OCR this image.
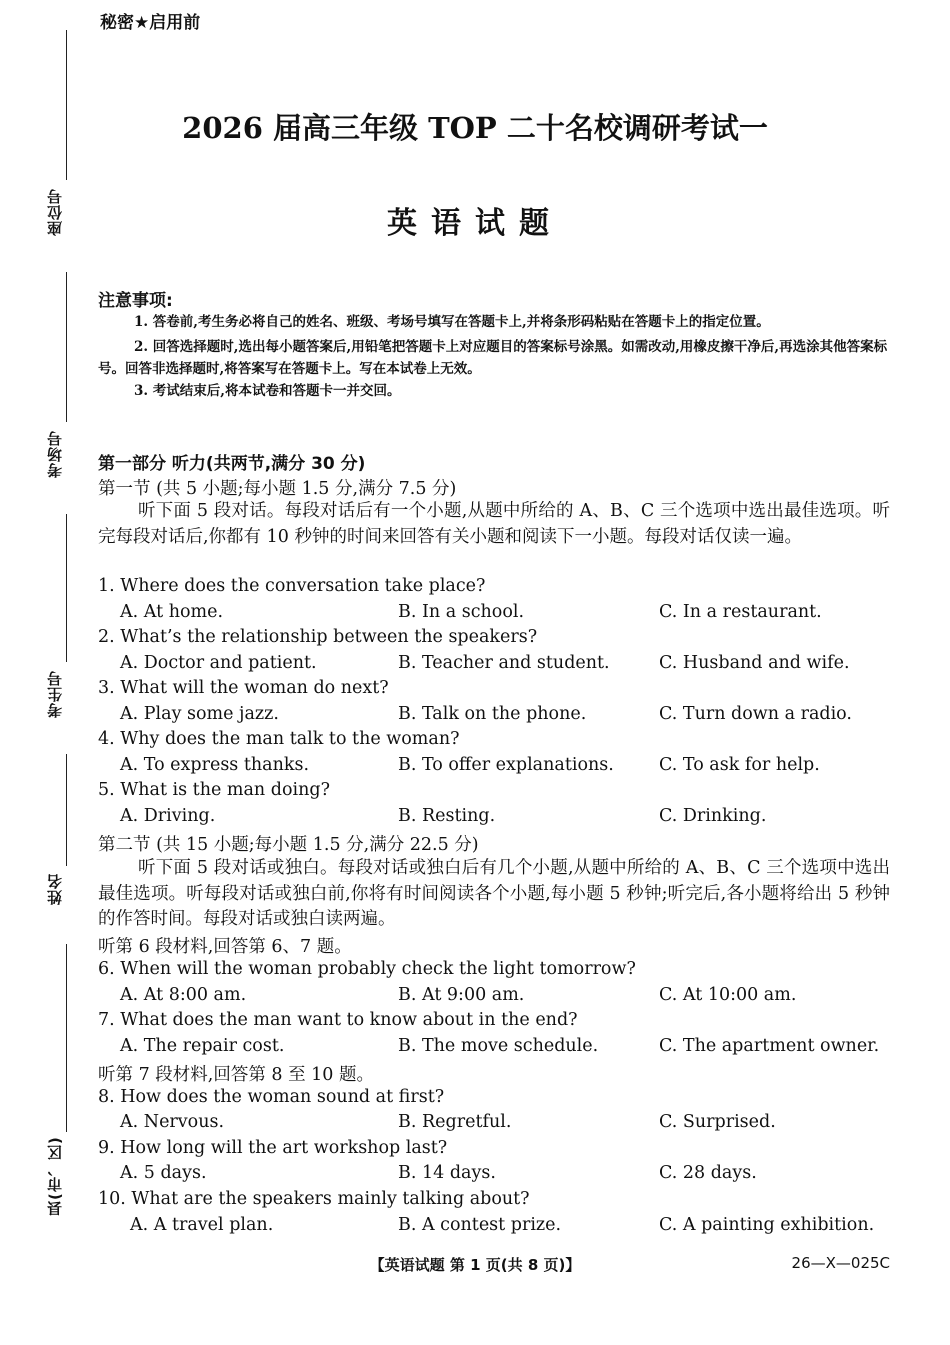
座位号
考场号
考生号
姓名
县(市、区)
秘密★启用前
2026 届高三年级 TOP 二十名校调研考试一
英语试题
注意事项:

1. 答卷前,考生务必将自己的姓名、班级、考场号填写在答题卡上,并将条形码粘贴在答题卡上的指定位置。

2. 回答选择题时,选出每小题答案后,用铅笔把答题卡上对应题目的答案标号涂黑。如需改动,用橡皮擦干净后,再选涂其他答案标号。回答非选择题时,将答案写在答题卡上。写在本试卷上无效。

3. 考试结束后,将本试卷和答题卡一并交回。

第一部分 听力(共两节,满分 30 分)
第一节 (共 5 小题;每小题 1.5 分,满分 7.5 分)
听下面 5 段对话。每段对话后有一个小题,从题中所给的 A、B、C 三个选项中选出最佳选项。听完每段对话后,你都有 10 秒钟的时间来回答有关小题和阅读下一小题。每段对话仅读一遍。
1. Where does the conversation take place?
A. At home.	B. In a school.	C. In a restaurant.
2. What’s the relationship between the speakers?
A. Doctor and patient.	B. Teacher and student.	C. Husband and wife.
3. What will the woman do next?
A. Play some jazz.	B. Talk on the phone.	C. Turn down a radio.
4. Why does the man talk to the woman?
A. To express thanks.	B. To offer explanations.	C. To ask for help.
5. What is the man doing?
A. Driving.	B. Resting.	C. Drinking.
第二节 (共 15 小题;每小题 1.5 分,满分 22.5 分)
听下面 5 段对话或独白。每段对话或独白后有几个小题,从题中所给的 A、B、C 三个选项中选出最佳选项。听每段对话或独白前,你将有时间阅读各个小题,每小题 5 秒钟;听完后,各小题将给出 5 秒钟的作答时间。每段对话或独白读两遍。
听第 6 段材料,回答第 6、7 题。
6. When will the woman probably check the light tomorrow?
A. At 8:00 am.	B. At 9:00 am.	C. At 10:00 am.
7. What does the man want to know about in the end?
A. The repair cost.	B. The move schedule.	C. The apartment owner.
听第 7 段材料,回答第 8 至 10 题。
8. How does the woman sound at first?
A. Nervous.	B. Regretful.	C. Surprised.
9. How long will the art workshop last?
A. 5 days.	B. 14 days.	C. 28 days.
10. What are the speakers mainly talking about?
A. A travel plan.	B. A contest prize.	C. A painting exhibition.
【英语试题 第 1 页(共 8 页)】	26—X—025C
